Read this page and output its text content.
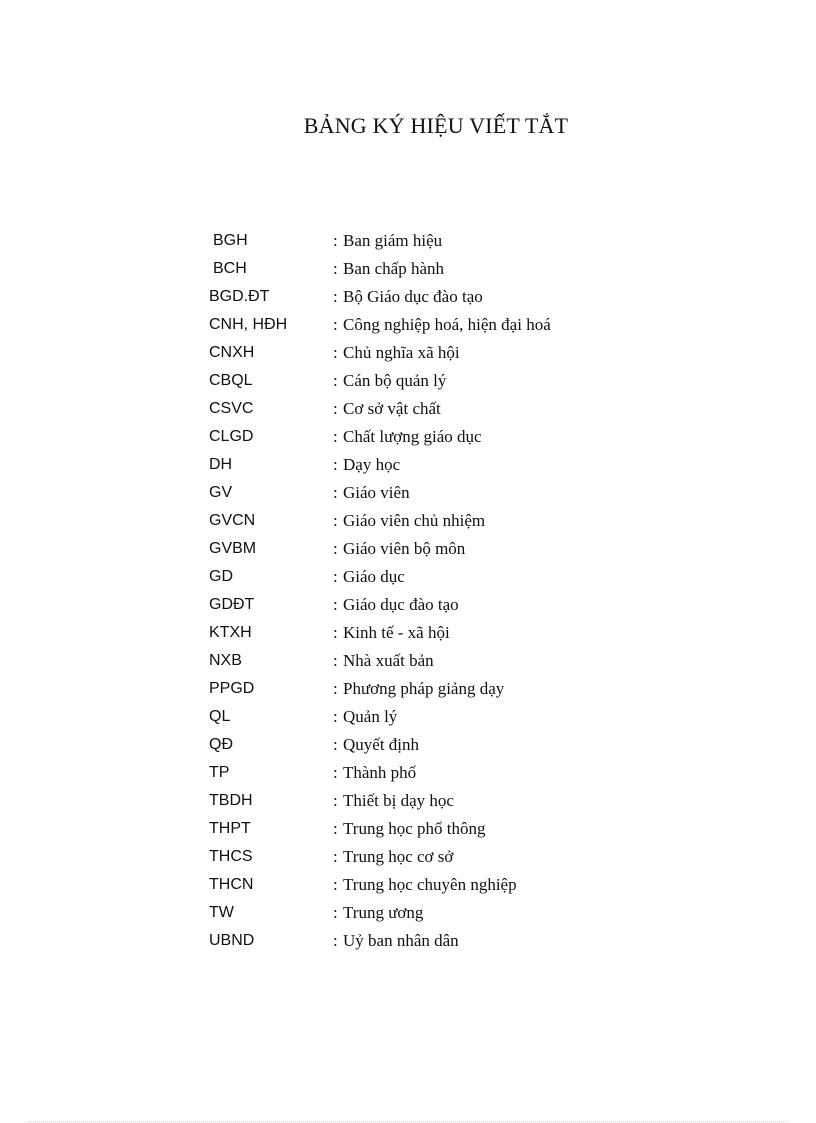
BẢNG KÝ HIỆU VIẾT TẮT
BGH	: Ban giám hiệu
BCH	: Ban chấp hành
BGD.ĐT	: Bộ Giáo dục đào tạo
CNH, HĐH	: Công nghiệp hoá, hiện đại hoá
CNXH	: Chủ nghĩa xã hội
CBQL	: Cán bộ quản lý
CSVC	: Cơ sở vật chất
CLGD	: Chất lượng giáo dục
DH	: Dạy học
GV	: Giáo viên
GVCN	: Giáo viên chủ nhiệm
GVBM	: Giáo viên bộ môn
GD	: Giáo dục
GDĐT	: Giáo dục đào tạo
KTXH	: Kinh tế - xã hội
NXB	: Nhà xuất bản
PPGD	: Phương pháp giảng dạy
QL	: Quản lý
QĐ	: Quyết định
TP	: Thành phố
TBDH	: Thiết bị dạy học
THPT	: Trung học phổ thông
THCS	: Trung học cơ sở
THCN	: Trung học chuyên nghiệp
TW	: Trung ương
UBND	: Uỷ ban nhân dân
